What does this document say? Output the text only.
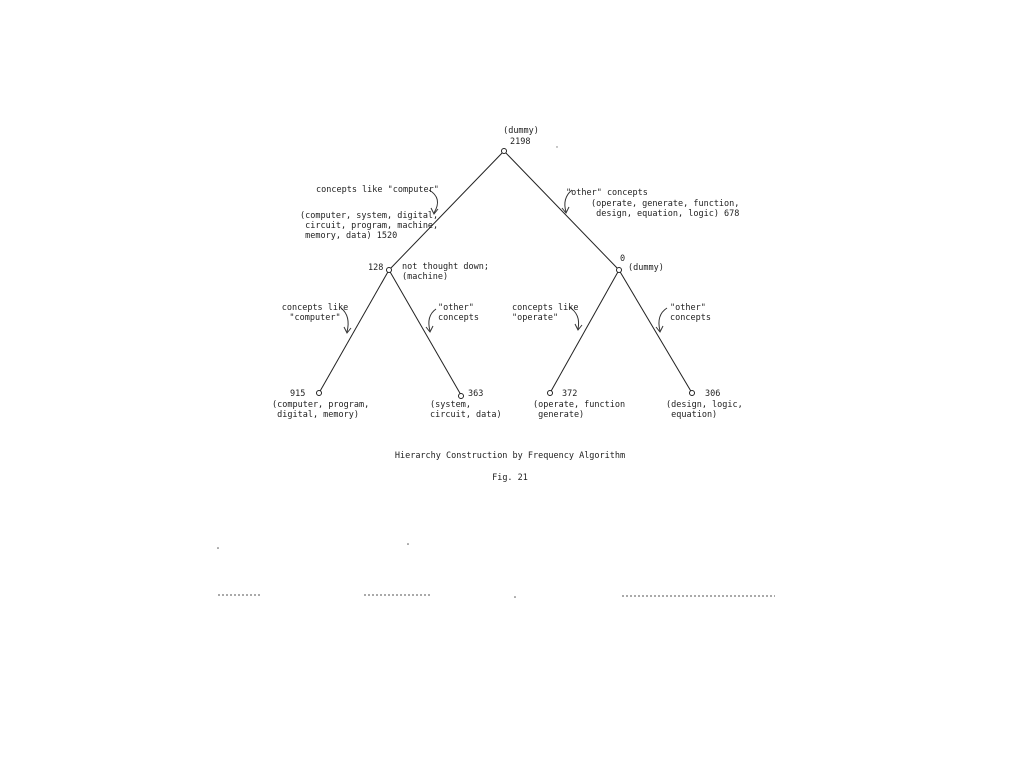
(dummy)
2198
concepts like "computer"
(computer, system, digital,
circuit, program, machine,
memory, data) 1520
128 not thought down;
(machine)
"other" concepts
(operate, generate, function,
design, equation, logic) 678
0
(dummy)
concepts like
"computer"
"other"
concepts
concepts like
"operate"
"other"
concepts
915
(computer, program,
digital, memory)
363
(system,
circuit, data)
372
(operate, function
generate)
306
(design, logic,
equation)
Hierarchy Construction by Frequency Algorithm
Fig. 21
